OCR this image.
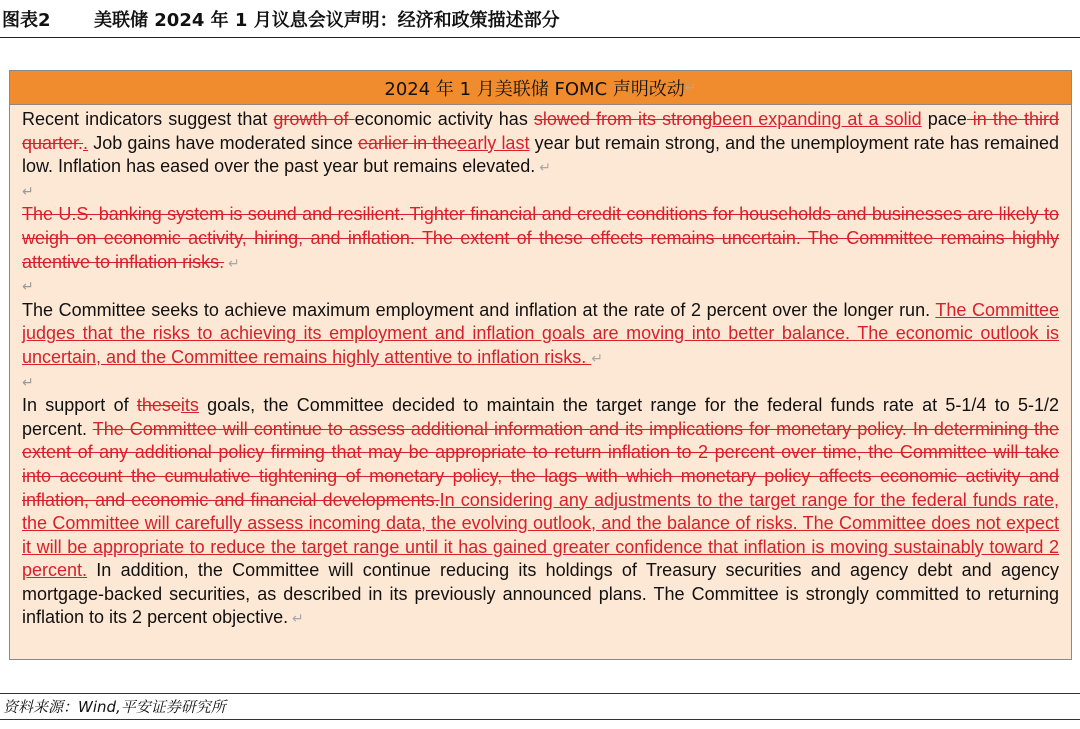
图表2	美联储 2024 年 1 月议息会议声明：经济和政策描述部分
2024 年 1 月美联储 FOMC 声明改动 ↵

Recent indicators suggest that growth of economic activity has slowed from its strongbeen expanding at a solid pace in the third quarter.. Job gains have moderated since earlier in theearly last year but remain strong, and the unemployment rate has remained low. Inflation has eased over the past year but remains elevated. ↵

↵

The U.S. banking system is sound and resilient. Tighter financial and credit conditions for households and businesses are likely to weigh on economic activity, hiring, and inflation. The extent of these effects remains uncertain. The Committee remains highly attentive to inflation risks. ↵

↵

The Committee seeks to achieve maximum employment and inflation at the rate of 2 percent over the longer run. The Committee judges that the risks to achieving its employment and inflation goals are moving into better balance. The economic outlook is uncertain, and the Committee remains highly attentive to inflation risks. ↵

↵

In support of theseits goals, the Committee decided to maintain the target range for the federal funds rate at 5-1/4 to 5-1/2 percent. The Committee will continue to assess additional information and its implications for monetary policy. In determining the extent of any additional policy firming that may be appropriate to return inflation to 2 percent over time, the Committee will take into account the cumulative tightening of monetary policy, the lags with which monetary policy affects economic activity and inflation, and economic and financial developments.In considering any adjustments to the target range for the federal funds rate, the Committee will carefully assess incoming data, the evolving outlook, and the balance of risks. The Committee does not expect it will be appropriate to reduce the target range until it has gained greater confidence that inflation is moving sustainably toward 2 percent. In addition, the Committee will continue reducing its holdings of Treasury securities and agency debt and agency mortgage-backed securities, as described in its previously announced plans. The Committee is strongly committed to returning inflation to its 2 percent objective. ↵

资料来源：Wind,平安证券研究所
